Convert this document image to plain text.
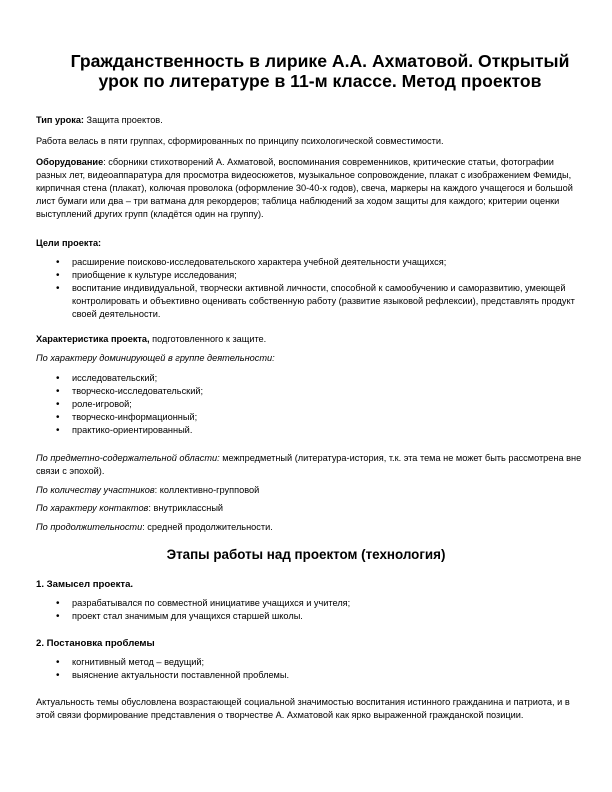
Гражданственность в лирике А.А. Ахматовой. Открытый урок по литературе в 11-м классе. Метод проектов

Тип урока: Защита проектов.

Работа велась в пяти группах, сформированных по принципу психологической совместимости.

Оборудование: сборники стихотворений А. Ахматовой, воспоминания современников, критические статьи, фотографии разных лет, видеоаппаратура для просмотра видеосюжетов, музыкальное сопровождение, плакат с изображением Фемиды, кирпичная стена (плакат), колючая проволока (оформление 30-40-х годов), свеча, маркеры на каждого учащегося и большой лист бумаги или два – три ватмана для рекордеров; таблица наблюдений за ходом защиты для каждого; критерии оценки выступлений других групп (кладётся один на группу).

Цели проекта:

• расширение поисково-исследовательского характера учебной деятельности учащихся;
• приобщение к культуре исследования;
• воспитание индивидуальной, творчески активной личности, способной к самообучению и саморазвитию, умеющей контролировать и объективно оценивать собственную работу (развитие языковой рефлексии), представлять продукт своей деятельности.

Характеристика проекта, подготовленного к защите.

По характеру доминирующей в группе деятельности:

• исследовательский;
• творческо-исследовательский;
• ролe-игровой;
• творческо-информационный;
• практико-ориентированный.

По предметно-содержательной области: межпредметный (литература-история, т.к. эта тема не может быть рассмотрена вне связи с эпохой).

По количеству участников: коллективно-групповой

По характеру контактов: внутриклассный

По продолжительности: средней продолжительности.

Этапы работы над проектом (технология)
1. Замысел проекта.
• разрабатывался по совместной инициативе учащихся и учителя;
• проект стал значимым для учащихся старшей школы.
2. Постановка проблемы
• когнитивный метод – ведущий;
• выяснение актуальности поставленной проблемы.

Актуальность темы обусловлена возрастающей социальной значимостью воспитания истинного гражданина и патриота, и в этой связи формирование представления о творчестве А. Ахматовой как ярко выраженной гражданской позиции.
